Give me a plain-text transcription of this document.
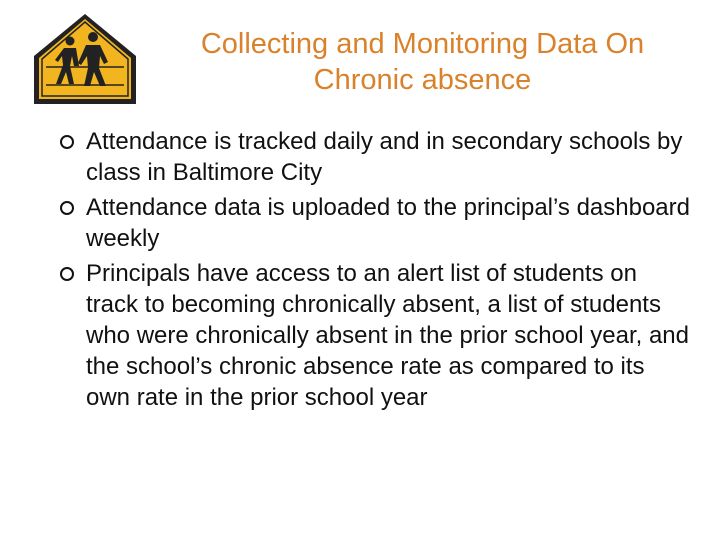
Collecting and Monitoring Data On
Chronic absence
Attendance is tracked daily and in secondary schools by class in Baltimore City
Attendance data is uploaded to the principal’s dashboard weekly
Principals have access to an alert list of students on track to becoming chronically absent, a list of students who were chronically absent in the prior school year, and the school’s chronic absence rate as compared to its own rate in the prior school year
